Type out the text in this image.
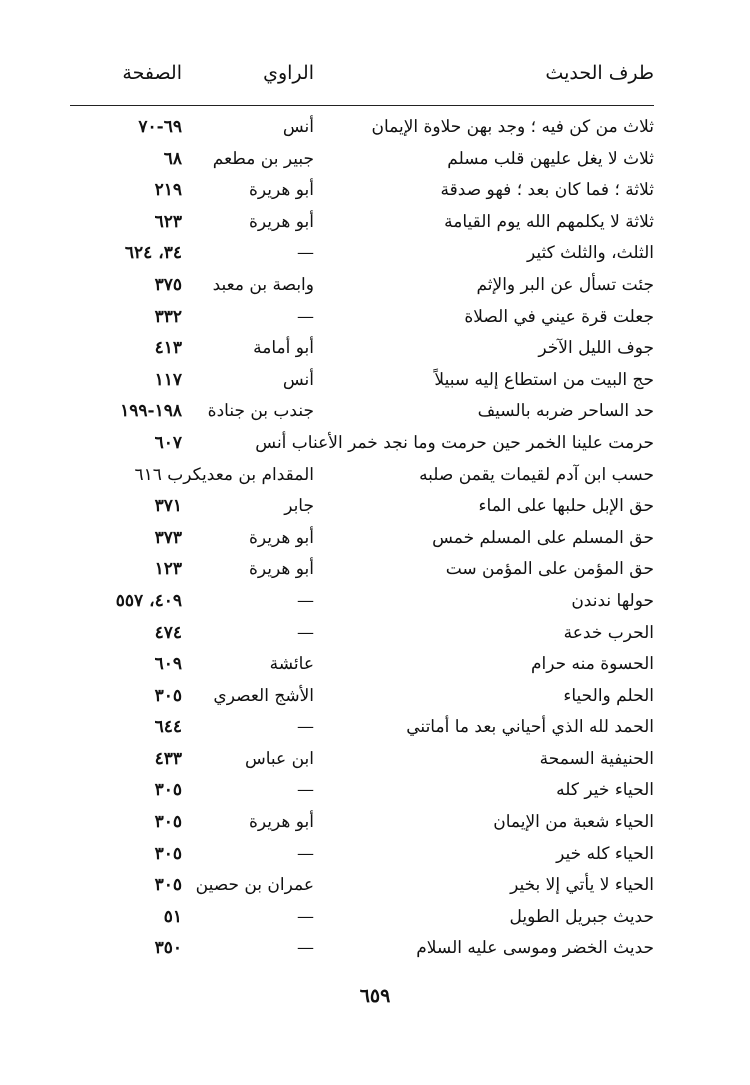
طرف الحديث
الراوي
الصفحة
ثلاث من كن فيه ؛ وجد بهن حلاوة الإيمان
أنس
٦٩-٧٠
ثلاث لا يغل عليهن قلب مسلم
جبير بن مطعم
٦٨
ثلاثة ؛ فما كان بعد ؛ فهو صدقة
أبو هريرة
٢١٩
ثلاثة لا يكلمهم الله يوم القيامة
أبو هريرة
٦٢٣
الثلث، والثلث كثير
—
٣٤، ٦٢٤
جئت تسأل عن البر والإثم
وابصة بن معبد
٣٧٥
جعلت قرة عيني في الصلاة
—
٣٣٢
جوف الليل الآخر
أبو أمامة
٤١٣
حج البيت من استطاع إليه سبيلاً
أنس
١١٧
حد الساحر ضربه بالسيف
جندب بن جنادة
١٩٨-١٩٩
حرمت علينا الخمر حين حرمت وما نجد خمر الأعناب أنس
٦٠٧
حسب ابن آدم لقيمات يقمن صلبه
المقدام بن معديكرب ٦١٦
حق الإبل حلبها على الماء
جابر
٣٧١
حق المسلم على المسلم خمس
أبو هريرة
٣٧٣
حق المؤمن على المؤمن ست
أبو هريرة
١٢٣
حولها ندندن
—
٤٠٩، ٥٥٧
الحرب خدعة
—
٤٧٤
الحسوة منه حرام
عائشة
٦٠٩
الحلم والحياء
الأشج العصري
٣٠٥
الحمد لله الذي أحياني بعد ما أماتني
—
٦٤٤
الحنيفية السمحة
ابن عباس
٤٣٣
الحياء خير كله
—
٣٠٥
الحياء شعبة من الإيمان
أبو هريرة
٣٠٥
الحياء كله خير
—
٣٠٥
الحياء لا يأتي إلا بخير
عمران بن حصين
٣٠٥
حديث جبريل الطويل
—
٥١
حديث الخضر وموسى عليه السلام
—
٣٥٠
٦٥٩
